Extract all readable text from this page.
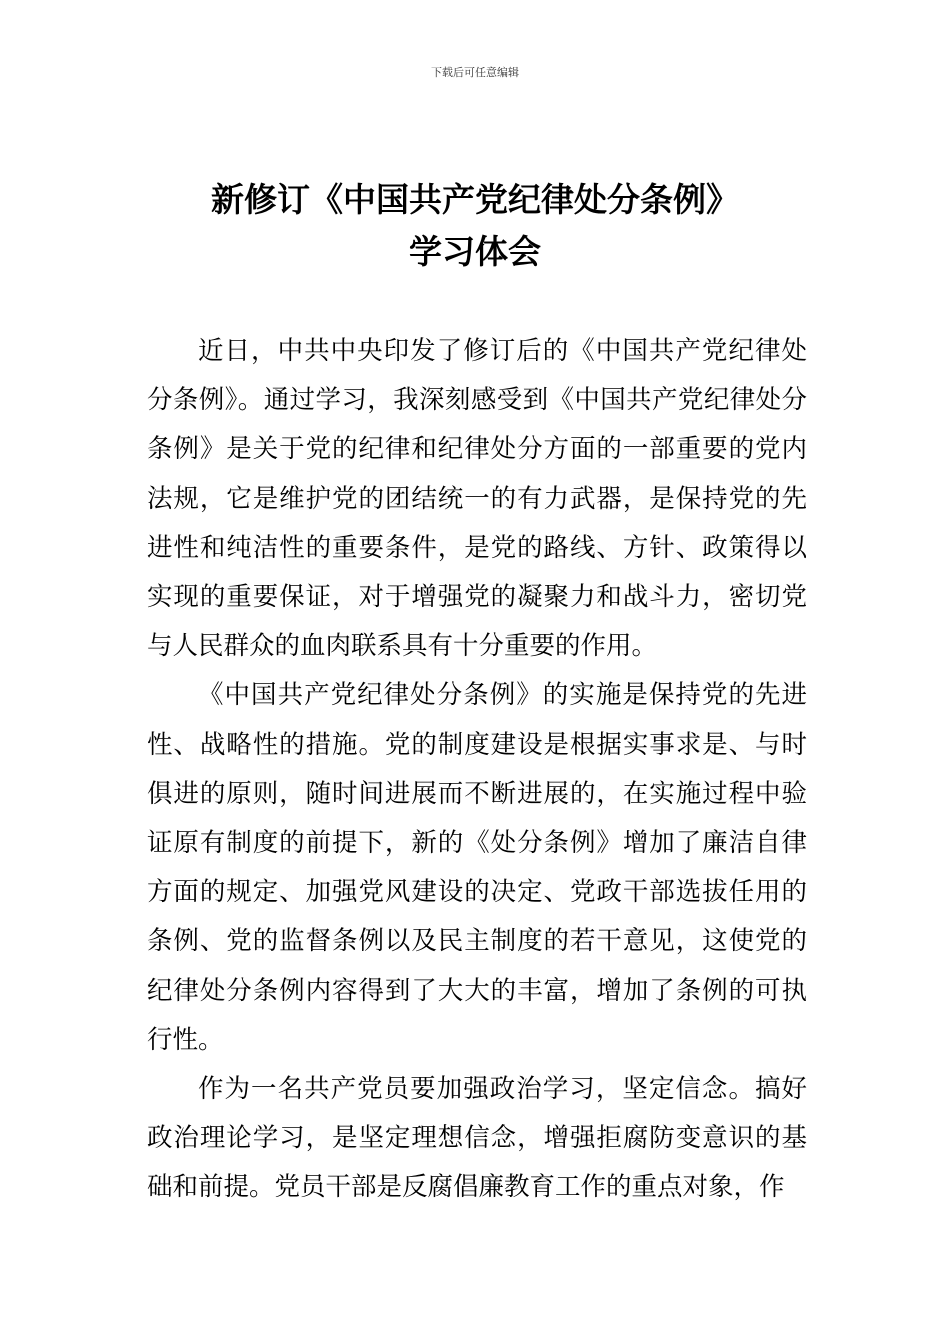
下载后可任意编辑
新修订《中国共产党纪律处分条例》
学习体会

近日，中共中央印发了修订后的《中国共产党纪律处分条例》。通过学习，我深刻感受到《中国共产党纪律处分条例》是关于党的纪律和纪律处分方面的一部重要的党内法规，它是维护党的团结统一的有力武器，是保持党的先进性和纯洁性的重要条件，是党的路线、方针、政策得以实现的重要保证，对于增强党的凝聚力和战斗力，密切党与人民群众的血肉联系具有十分重要的作用。

《中国共产党纪律处分条例》的实施是保持党的先进性、战略性的措施。党的制度建设是根据实事求是、与时俱进的原则，随时间进展而不断进展的，在实施过程中验证原有制度的前提下，新的《处分条例》增加了廉洁自律方面的规定、加强党风建设的决定、党政干部选拔任用的条例、党的监督条例以及民主制度的若干意见，这使党的纪律处分条例内容得到了大大的丰富，增加了条例的可执行性。

作为一名共产党员要加强政治学习，坚定信念。搞好政治理论学习，是坚定理想信念，增强拒腐防变意识的基础和前提。党员干部是反腐倡廉教育工作的重点对象，作
